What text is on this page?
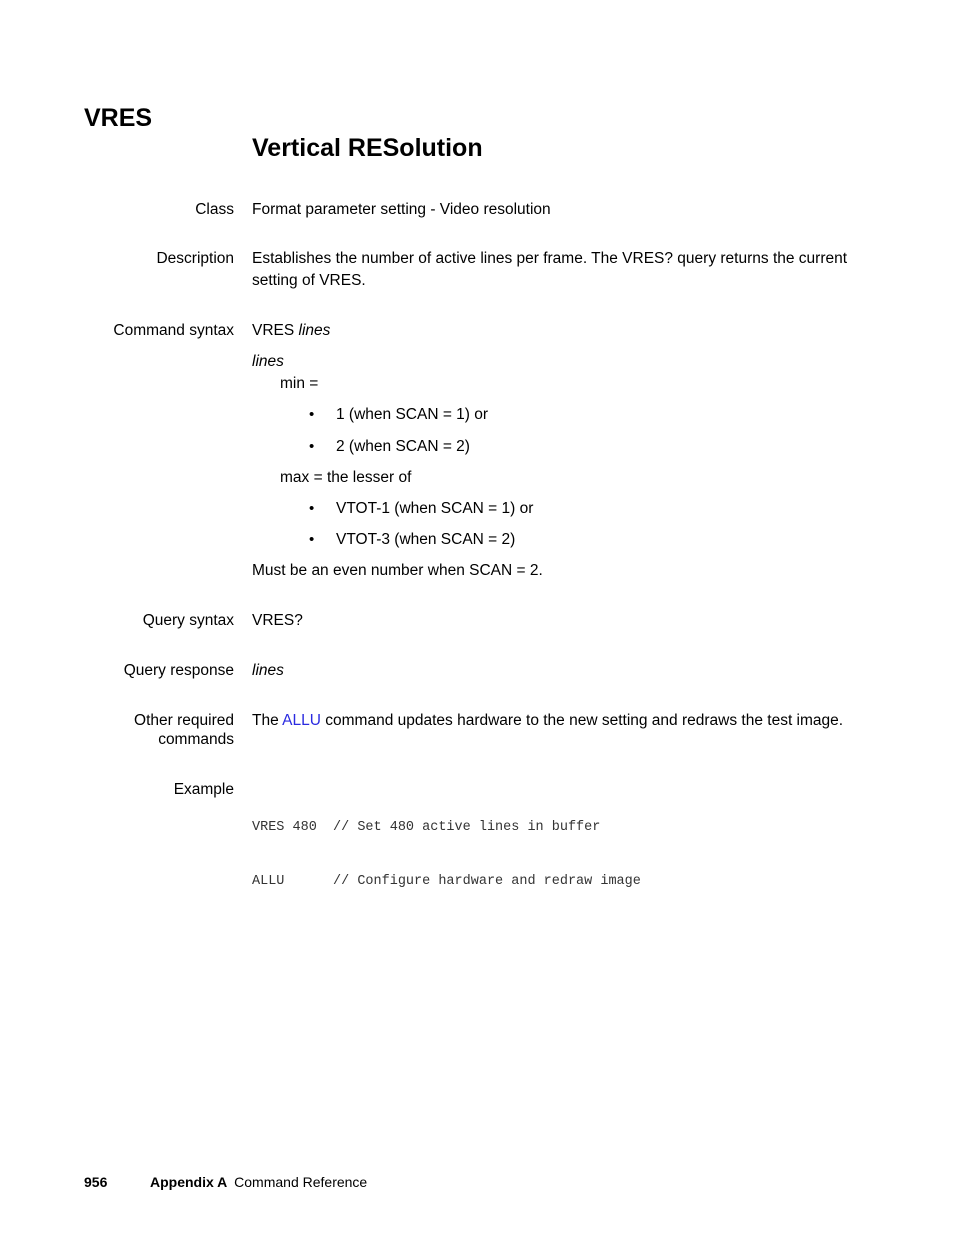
VRES
Vertical RESolution
Class Format parameter setting - Video resolution
Description Establishes the number of active lines per frame. The VRES? query returns the current
setting of VRES.
Command syntax VRES lines
lines
min =
• 1 (when SCAN = 1) or
• 2 (when SCAN = 2)
max = the lesser of
• VTOT-1 (when SCAN = 1) or
• VTOT-3 (when SCAN = 2)
Must be an even number when SCAN = 2.
Query syntax VRES?
Query response lines
Other required
commands
The ALLU command updates hardware to the new setting and redraws the test image.
Example

VRES 480  // Set 480 active lines in buffer

ALLU      // Configure hardware and redraw image

956	Appendix A Command Reference
